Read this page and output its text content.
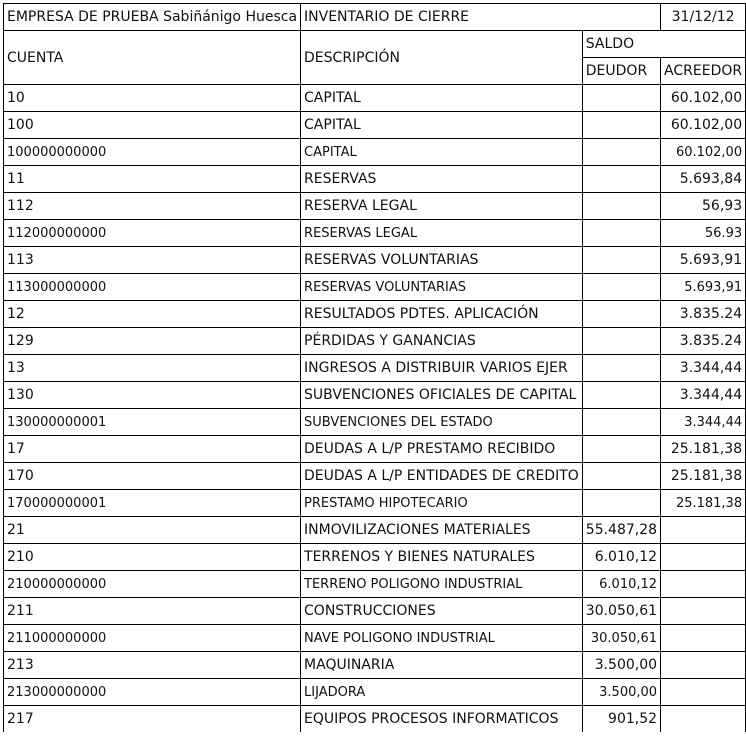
EMPRESA DE PRUEBA Sabiñánigo Huesca	INVENTARIO DE CIERRE		31/12/12
CUENTA	DESCRIPCIÓN	SALDO	
		DEUDOR	ACREEDOR
10	CAPITAL		60.102,00
100	CAPITAL		60.102,00
100000000000	CAPITAL		60.102,00
11	RESERVAS		5.693,84
112	RESERVA LEGAL		56,93
112000000000	RESERVAS LEGAL		56.93
113	RESERVAS VOLUNTARIAS		5.693,91
113000000000	RESERVAS VOLUNTARIAS		5.693,91
12	RESULTADOS PDTES. APLICACIÓN		3.835.24
129	PÉRDIDAS Y GANANCIAS		3.835.24
13	INGRESOS A DISTRIBUIR VARIOS EJER		3.344,44
130	SUBVENCIONES OFICIALES DE CAPITAL		3.344,44
130000000001	SUBVENCIONES DEL ESTADO		3.344,44
17	DEUDAS A L/P PRESTAMO RECIBIDO		25.181,38
170	DEUDAS A L/P ENTIDADES DE CREDITO		25.181,38
170000000001	PRESTAMO HIPOTECARIO		25.181,38
21	INMOVILIZACIONES MATERIALES	55.487,28	
210	TERRENOS Y BIENES NATURALES	6.010,12	
210000000000	TERRENO POLIGONO INDUSTRIAL	6.010,12	
211	CONSTRUCCIONES	30.050,61	
211000000000	NAVE POLIGONO INDUSTRIAL	30.050,61	
213	MAQUINARIA	3.500,00	
213000000000	LIJADORA	3.500,00	
217	EQUIPOS PROCESOS INFORMATICOS	901,52	
